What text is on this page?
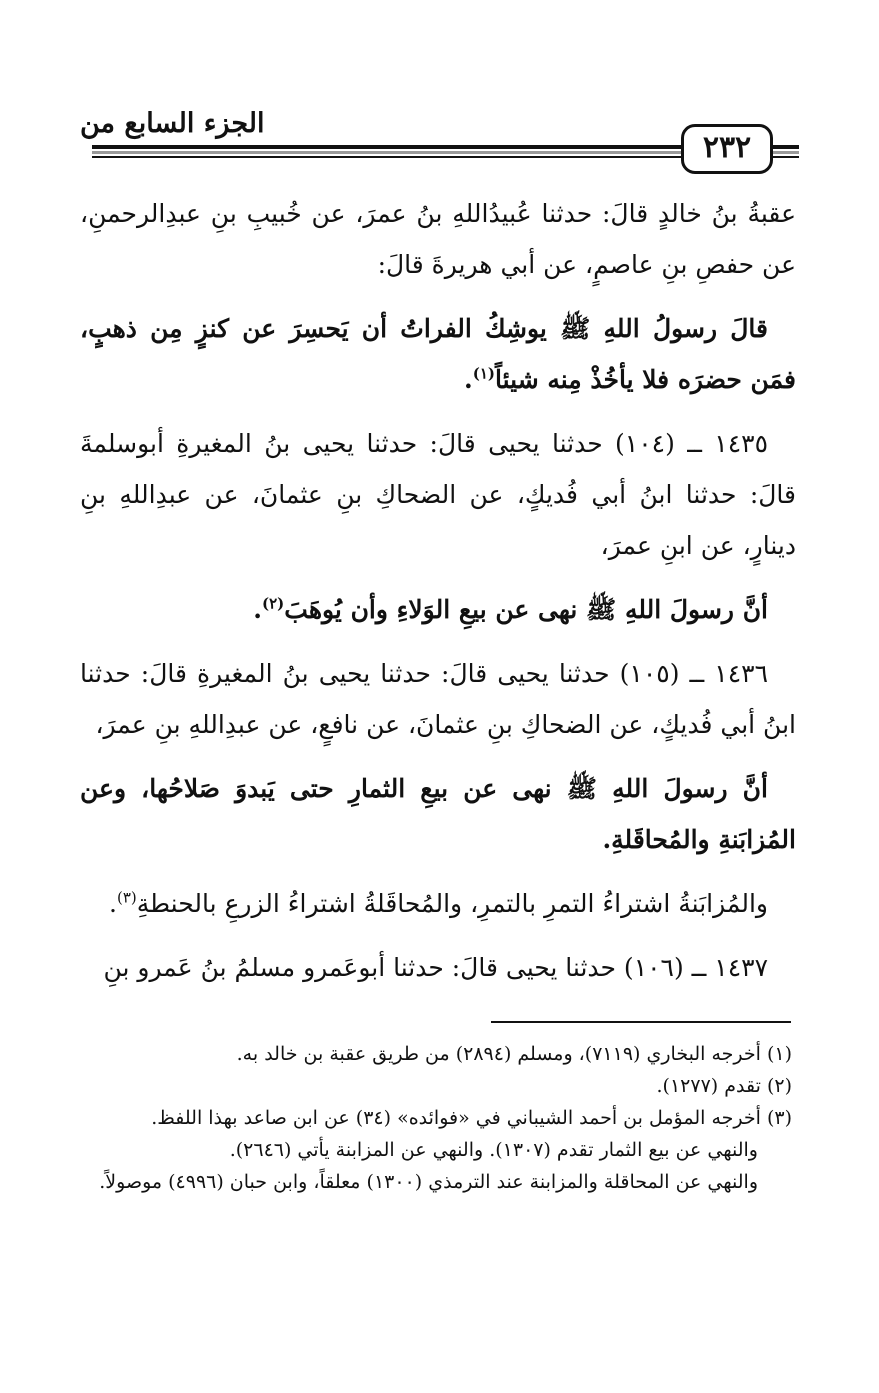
الجزء السابع من
٢٣٢

عقبةُ بنُ خالدٍ قالَ: حدثنا عُبيدُاللهِ بنُ عمرَ، عن خُبيبِ بنِ عبدِالرحمنِ، عن حفصِ بنِ عاصمٍ، عن أبي هريرةَ قالَ:

قالَ رسولُ اللهِ ﷺ يوشِكُ الفراتُ أن يَحسِرَ عن كنزٍ مِن ذهبٍ، فمَن حضرَه فلا يأخُذْ مِنه شيئاً$^{(١)}$.

١٤٣٥ ــ (١٠٤) حدثنا يحيى قالَ: حدثنا يحيى بنُ المغيرةِ أبوسلمةَ قالَ: حدثنا ابنُ أبي فُديكٍ، عن الضحاكِ بنِ عثمانَ، عن عبدِاللهِ بنِ دينارٍ، عن ابنِ عمرَ،

أنَّ رسولَ اللهِ ﷺ نهى عن بيعِ الوَلاءِ وأن يُوهَبَ$^{(٢)}$.

١٤٣٦ ــ (١٠٥) حدثنا يحيى قالَ: حدثنا يحيى بنُ المغيرةِ قالَ: حدثنا ابنُ أبي فُديكٍ، عن الضحاكِ بنِ عثمانَ، عن نافعٍ، عن عبدِاللهِ بنِ عمرَ،

أنَّ رسولَ اللهِ ﷺ نهى عن بيعِ الثمارِ حتى يَبدوَ صَلاحُها، وعن المُزابَنةِ والمُحاقَلةِ.

والمُزابَنةُ اشتراءُ التمرِ بالتمرِ، والمُحاقَلةُ اشتراءُ الزرعِ بالحنطةِ$^{(٣)}$.

١٤٣٧ ــ (١٠٦) حدثنا يحيى قالَ: حدثنا أبوعَمرو مسلمُ بنُ عَمرو بنِ

(١) أخرجه البخاري (٧١١٩)، ومسلم (٢٨٩٤) من طريق عقبة بن خالد به.

(٢) تقدم (١٢٧٧).

(٣) أخرجه المؤمل بن أحمد الشيباني في «فوائده» (٣٤) عن ابن صاعد بهذا اللفظ.
والنهي عن بيع الثمار تقدم (١٣٠٧). والنهي عن المزابنة يأتي (٢٦٤٦).
والنهي عن المحاقلة والمزابنة عند الترمذي (١٣٠٠) معلقاً، وابن حبان (٤٩٩٦) موصولاً.
